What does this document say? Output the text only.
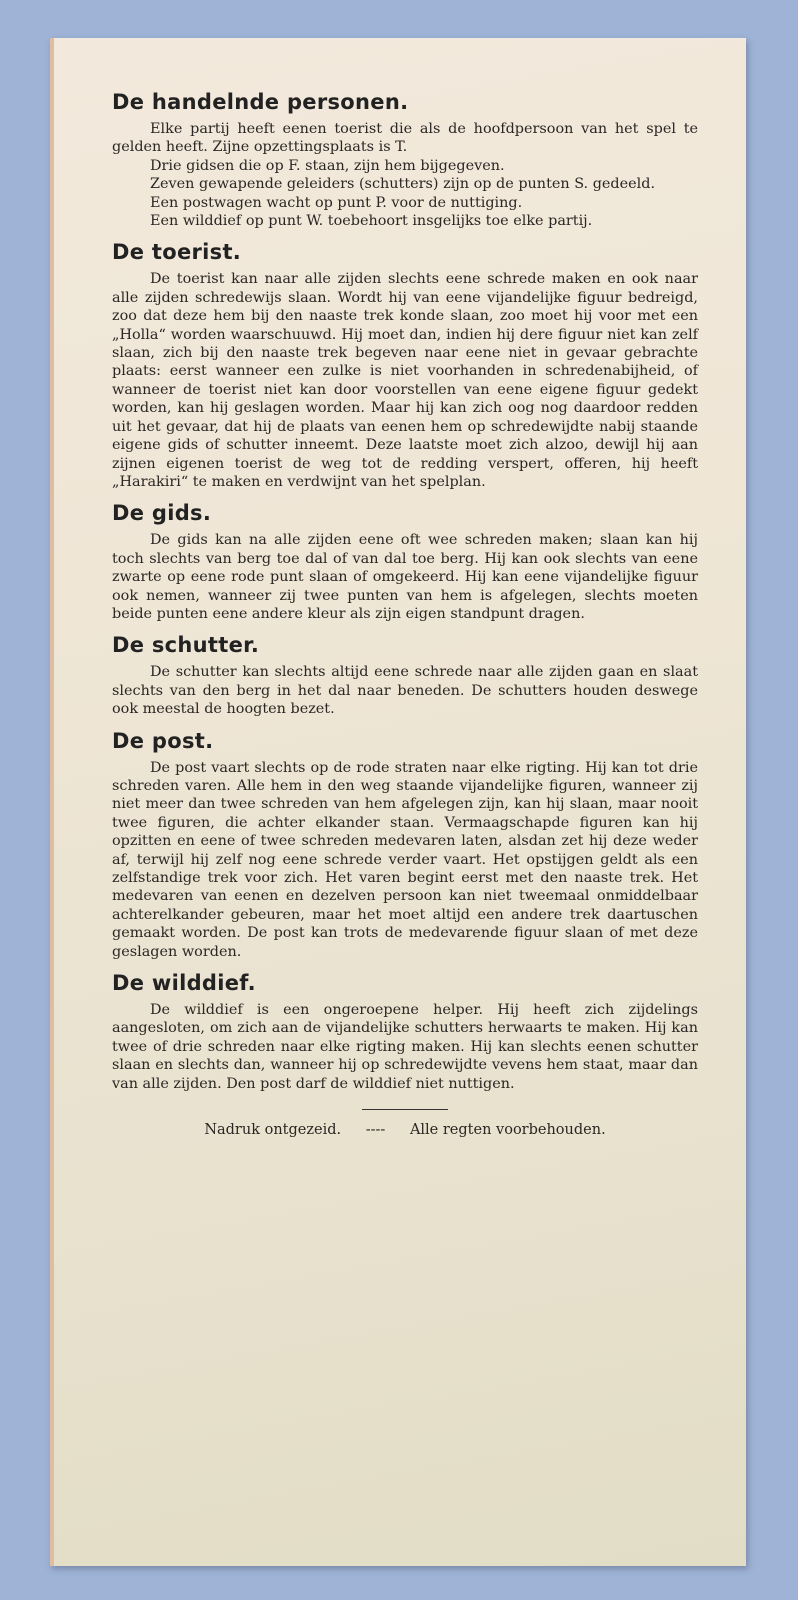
De handelnde personen.

Elke partij heeft eenen toerist die als de hoofdpersoon van het spel te gelden heeft. Zijne opzettingsplaats is T.

Drie gidsen die op F. staan, zijn hem bijgegeven.

Zeven gewapende geleiders (schutters) zijn op de punten S. gedeeld.

Een postwagen wacht op punt P. voor de nuttiging.

Een wilddief op punt W. toebehoort insgelijks toe elke partij.

De toerist.

De toerist kan naar alle zijden slechts eene schrede maken en ook naar alle zijden schredewijs slaan. Wordt hij van eene vijandelijke figuur bedreigd, zoo dat deze hem bij den naaste trek konde slaan, zoo moet hij voor met een „Holla“ worden waarschuuwd. Hij moet dan, indien hij dere figuur niet kan zelf slaan, zich bij den naaste trek begeven naar eene niet in gevaar gebrachte plaats: eerst wanneer een zulke is niet voorhanden in schredenabijheid, of wanneer de toerist niet kan door voorstellen van eene eigene figuur gedekt worden, kan hij geslagen worden. Maar hij kan zich oog nog daardoor redden uit het gevaar, dat hij de plaats van eenen hem op schredewijdte nabij staande eigene gids of schutter inneemt. Deze laatste moet zich alzoo, dewijl hij aan zijnen eigenen toerist de weg tot de redding verspert, offeren, hij heeft „Harakiri“ te maken en verdwijnt van het spelplan.

De gids.

De gids kan na alle zijden eene oft wee schreden maken; slaan kan hij toch slechts van berg toe dal of van dal toe berg. Hij kan ook slechts van eene zwarte op eene rode punt slaan of omgekeerd. Hij kan eene vijandelijke figuur ook nemen, wanneer zij twee punten van hem is afgelegen, slechts moeten beide punten eene andere kleur als zijn eigen standpunt dragen.

De schutter.

De schutter kan slechts altijd eene schrede naar alle zijden gaan en slaat slechts van den berg in het dal naar beneden. De schutters houden deswege ook meestal de hoogten bezet.

De post.

De post vaart slechts op de rode straten naar elke rigting. Hij kan tot drie schreden varen. Alle hem in den weg staande vijandelijke figuren, wanneer zij niet meer dan twee schreden van hem afgelegen zijn, kan hij slaan, maar nooit twee figuren, die achter elkander staan. Vermaagschapde figuren kan hij opzitten en eene of twee schreden medevaren laten, alsdan zet hij deze weder af, terwijl hij zelf nog eene schrede verder vaart. Het opstijgen geldt als een zelfstandige trek voor zich. Het varen begint eerst met den naaste trek. Het medevaren van eenen en dezelven persoon kan niet tweemaal onmiddelbaar achterelkander gebeuren, maar het moet altijd een andere trek daartuschen gemaakt worden. De post kan trots de medevarende figuur slaan of met deze geslagen worden.

De wilddief.

De wilddief is een ongeroepene helper. Hij heeft zich zijdelings aangesloten, om zich aan de vijandelijke schutters herwaarts te maken. Hij kan twee of drie schreden naar elke rigting maken. Hij kan slechts eenen schutter slaan en slechts dan, wanneer hij op schredewijdte vevens hem staat, maar dan van alle zijden. Den post darf de wilddief niet nuttigen.

Nadruk ontgezeid. ---- Alle regten voorbehouden.
